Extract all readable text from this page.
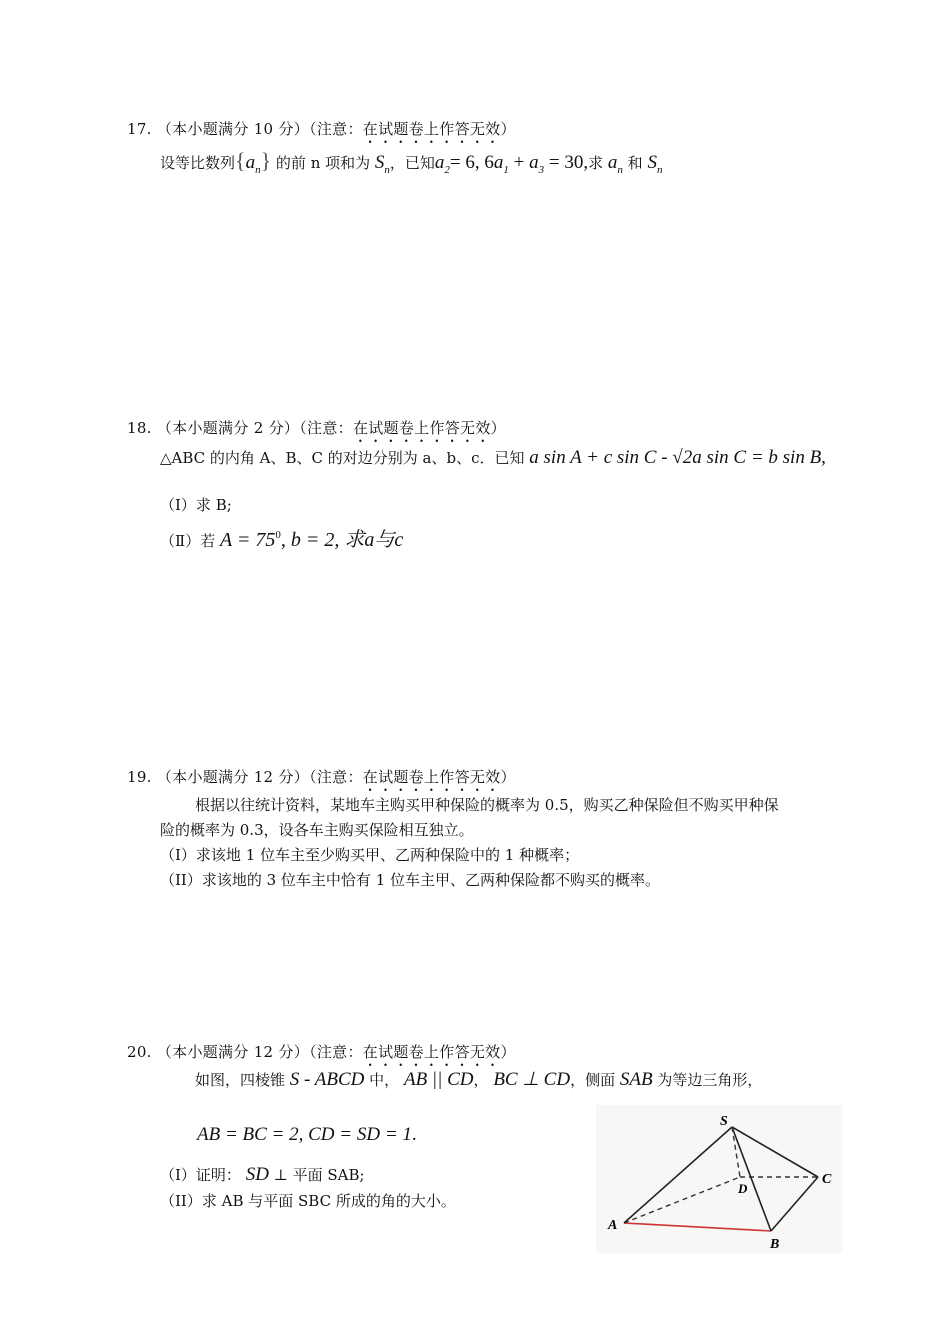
17. （本小题满分 10 分）（注意：在试题卷上作答无效）
设等比数列$\{a_n\}$ 的前 n 项和为 $S_n$，已知$a_2= 6$, $6a_1 + a_3 = 30$,求 $a_n$ 和 $S_n$
18. （本小题满分 2 分）（注意：在试题卷上作答无效）
△ABC 的内角 A、B、C 的对边分别为 a、b、c．已知 a sin A + c sin C - √2a sin C = b sin B,
（Ⅰ）求 B;
（Ⅱ）若 $A = 75^0$, b = 2, 求a与c
19. （本小题满分 12 分）（注意：在试题卷上作答无效）
根据以往统计资料，某地车主购买甲种保险的概率为 0.5，购买乙种保险但不购买甲种保
险的概率为 0.3，设各车主购买保险相互独立。
（I）求该地 1 位车主至少购买甲、乙两种保险中的 1 种概率；
（II）求该地的 3 位车主中恰有 1 位车主甲、乙两种保险都不购买的概率。
20. （本小题满分 12 分）（注意：在试题卷上作答无效）
如图，四棱锥 S - ABCD 中， AB || CD， BC ⊥ CD，侧面 SAB 为等边三角形，
AB = BC = 2, CD = SD = 1.
（I）证明： SD ⊥ 平面 SAB;
（II）求 AB 与平面 SBC 所成的角的大小。
S
A
B
C
D
